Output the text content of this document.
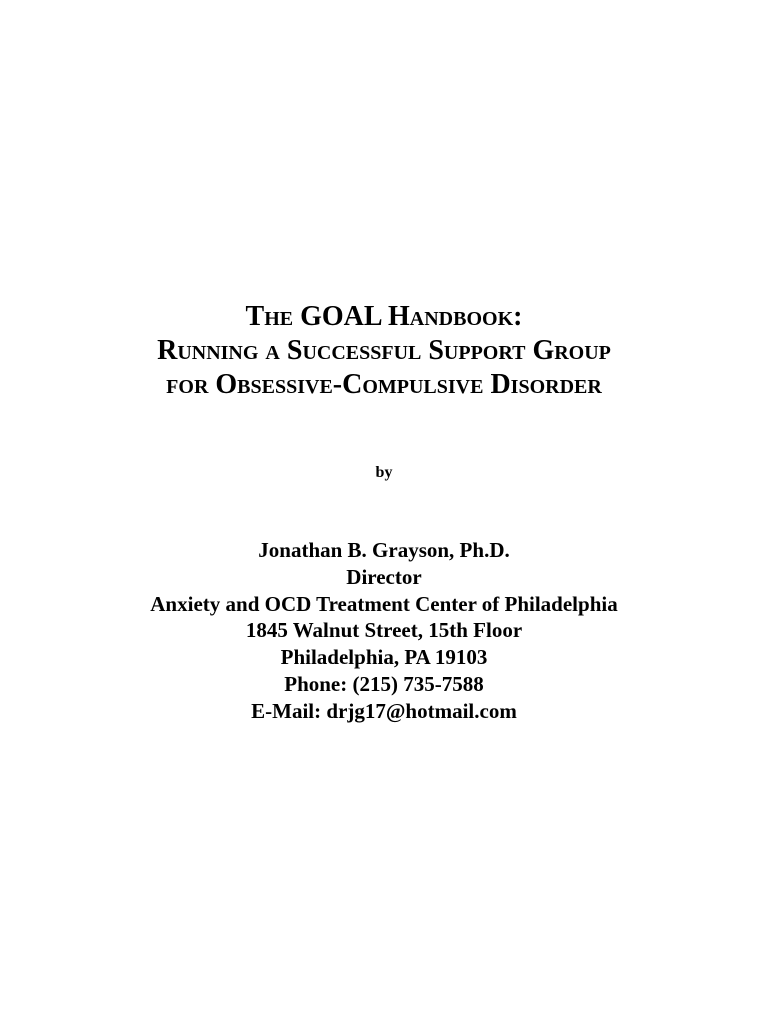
The GOAL Handbook:

Running a Successful Support Group

for Obsessive-Compulsive Disorder

by

Jonathan B. Grayson, Ph.D.

Director

Anxiety and OCD Treatment Center of Philadelphia

1845 Walnut Street, 15th Floor

Philadelphia, PA 19103

Phone: (215) 735-7588

E-Mail: drjg17@hotmail.com
